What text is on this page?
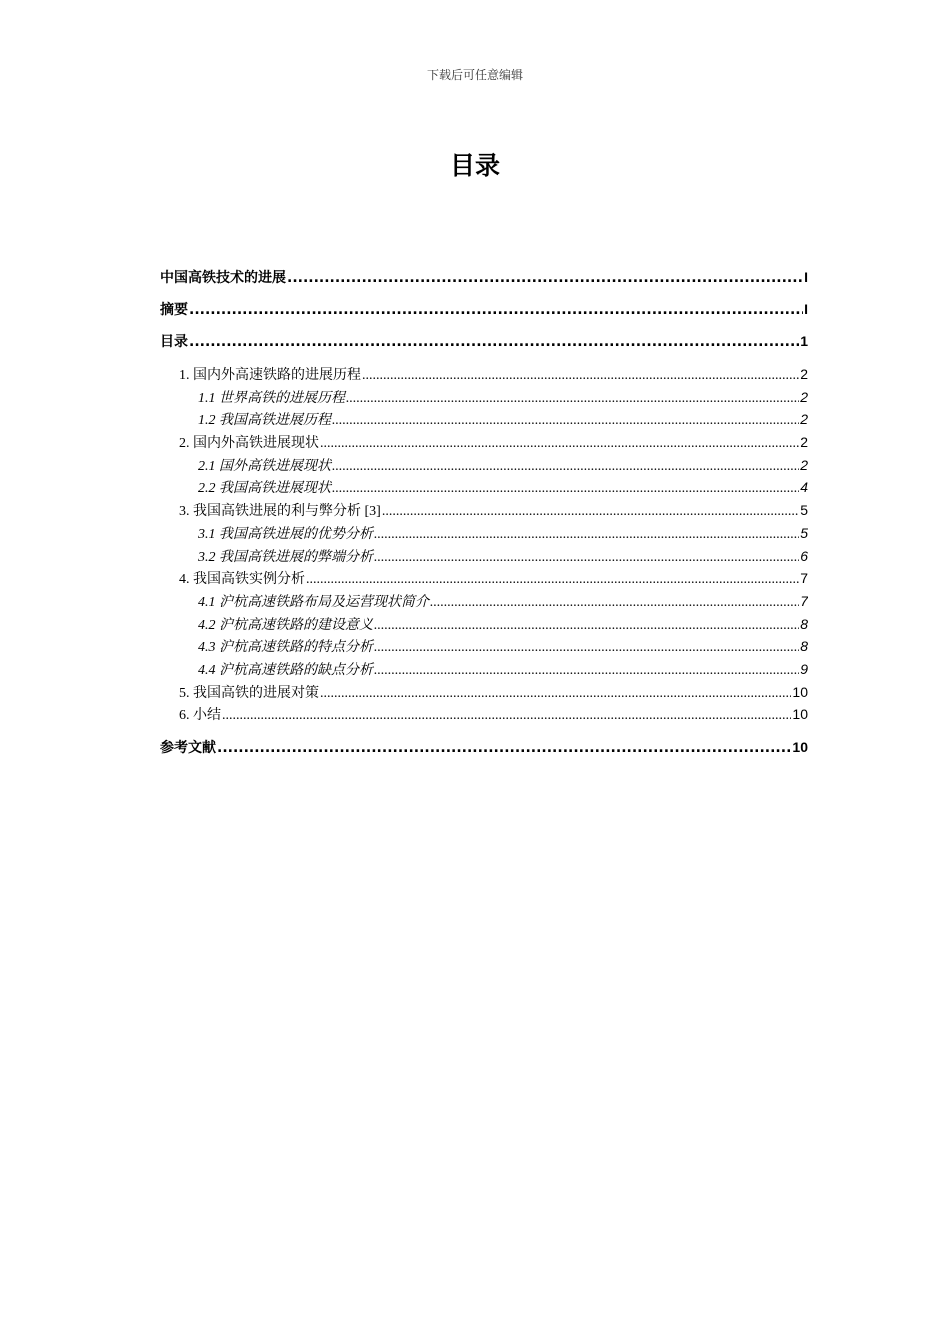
下载后可任意编辑
目录
中国高铁技术的进展 .....	I
摘要 .....	I
目录 .....	1
1. 国内外高速铁路的进展历程 .....	2
1.1 世界高铁的进展历程 .....	2
1.2 我国高铁进展历程 .....	2
2. 国内外高铁进展现状 .....	2
2.1 国外高铁进展现状 .....	2
2.2 我国高铁进展现状 .....	4
3. 我国高铁进展的利与弊分析 [3] .....	5
3.1 我国高铁进展的优势分析 .....	5
3.2 我国高铁进展的弊端分析 .....	6
4. 我国高铁实例分析 .....	7
4.1 沪杭高速铁路布局及运营现状简介 .....	7
4.2 沪杭高速铁路的建设意义 .....	8
4.3 沪杭高速铁路的特点分析 .....	8
4.4 沪杭高速铁路的缺点分析 .....	9
5. 我国高铁的进展对策 .....	10
6. 小结 .....	10
参考文献 .....	10
